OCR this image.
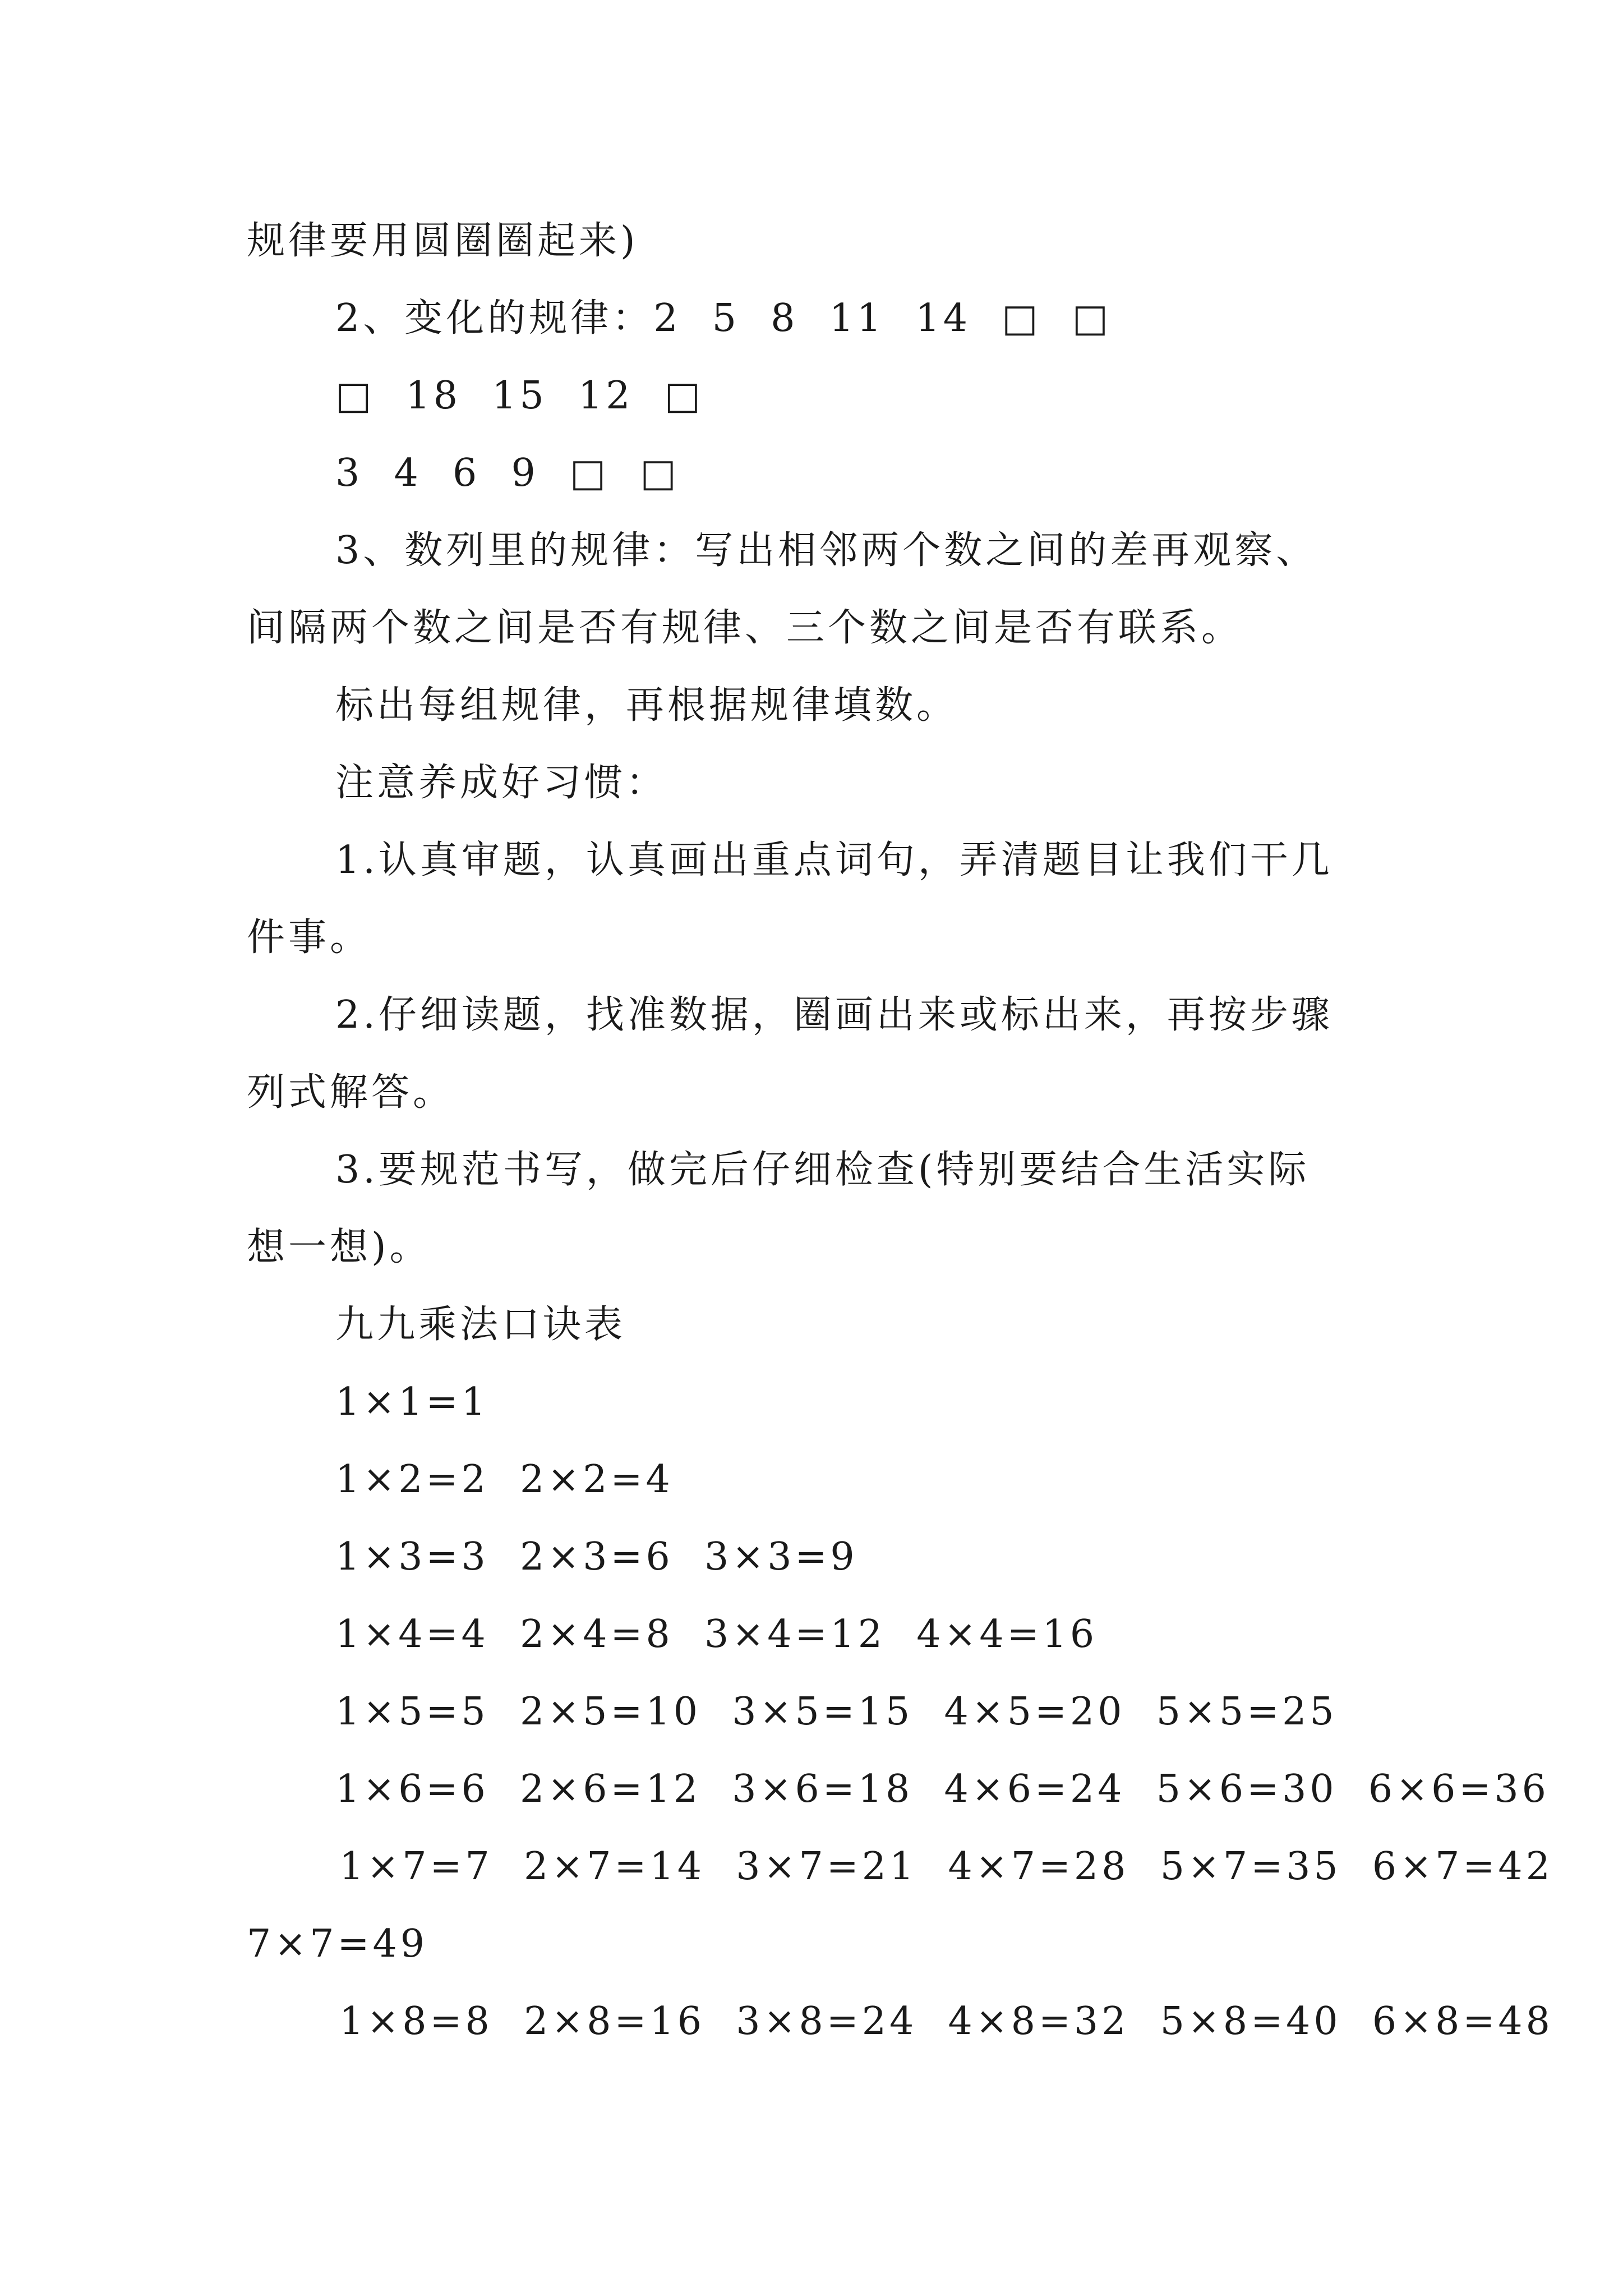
规律要用圆圈圈起来)
2、变化的规律：2  5  8  11  14  □  □
□  18  15  12  □
3  4  6  9  □  □
3、数列里的规律：写出相邻两个数之间的差再观察、
间隔两个数之间是否有规律、三个数之间是否有联系。
标出每组规律，再根据规律填数。
注意养成好习惯：
1.认真审题，认真画出重点词句，弄清题目让我们干几
件事。
2.仔细读题，找准数据，圈画出来或标出来，再按步骤
列式解答。
3.要规范书写，做完后仔细检查(特别要结合生活实际
想一想)。
九九乘法口诀表
1×1=1
1×2=2  2×2=4
1×3=3  2×3=6  3×3=9
1×4=4  2×4=8  3×4=12  4×4=16
1×5=5  2×5=10  3×5=15  4×5=20  5×5=25
1×6=6  2×6=12  3×6=18  4×6=24  5×6=30  6×6=36
1×7=7  2×7=14  3×7=21  4×7=28  5×7=35  6×7=42
7×7=49
1×8=8  2×8=16  3×8=24  4×8=32  5×8=40  6×8=48
